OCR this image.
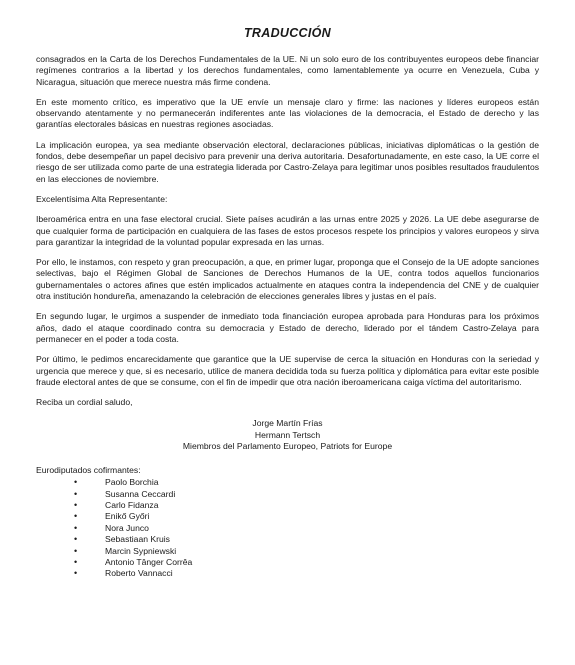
TRADUCCIÓN

consagrados en la Carta de los Derechos Fundamentales de la UE. Ni un solo euro de los contribuyentes europeos debe financiar regímenes contrarios a la libertad y los derechos fundamentales, como lamentablemente ya ocurre en Venezuela, Cuba y Nicaragua, situación que merece nuestra más firme condena.

En este momento crítico, es imperativo que la UE envíe un mensaje claro y firme: las naciones y líderes europeos están observando atentamente y no permanecerán indiferentes ante las violaciones de la democracia, el Estado de derecho y las garantías electorales básicas en nuestras regiones asociadas.

La implicación europea, ya sea mediante observación electoral, declaraciones públicas, iniciativas diplomáticas o la gestión de fondos, debe desempeñar un papel decisivo para prevenir una deriva autoritaria. Desafortunadamente, en este caso, la UE corre el riesgo de ser utilizada como parte de una estrategia liderada por Castro-Zelaya para legitimar unos posibles resultados fraudulentos en las elecciones de noviembre.

Excelentísima Alta Representante:

Iberoamérica entra en una fase electoral crucial. Siete países acudirán a las urnas entre 2025 y 2026. La UE debe asegurarse de que cualquier forma de participación en cualquiera de las fases de estos procesos respete los principios y valores europeos y sirva para garantizar la integridad de la voluntad popular expresada en las urnas.

Por ello, le instamos, con respeto y gran preocupación, a que, en primer lugar, proponga que el Consejo de la UE adopte sanciones selectivas, bajo el Régimen Global de Sanciones de Derechos Humanos de la UE, contra todos aquellos funcionarios gubernamentales o actores afines que estén implicados actualmente en ataques contra la independencia del CNE y de cualquier otra institución hondureña, amenazando la celebración de elecciones generales libres y justas en el país.

En segundo lugar, le urgimos a suspender de inmediato toda financiación europea aprobada para Honduras para los próximos años, dado el ataque coordinado contra su democracia y Estado de derecho, liderado por el tándem Castro-Zelaya para permanecer en el poder a toda costa.

Por último, le pedimos encarecidamente que garantice que la UE supervise de cerca la situación en Honduras con la seriedad y urgencia que merece y que, si es necesario, utilice de manera decidida toda su fuerza política y diplomática para evitar este posible fraude electoral antes de que se consume, con el fin de impedir que otra nación iberoamericana caiga víctima del autoritarismo.

Reciba un cordial saludo,

Jorge Martín Frías
Hermann Tertsch
Miembros del Parlamento Europeo, Patriots for Europe
Eurodiputados cofirmantes:
•	Paolo Borchia
•	Susanna Ceccardi
•	Carlo Fidanza
•	Enikő Győri
•	Nora Junco
•	Sebastiaan Kruis
•	Marcin Sypniewski
•	Antonio Tânger Corrêa
•	Roberto Vannacci
